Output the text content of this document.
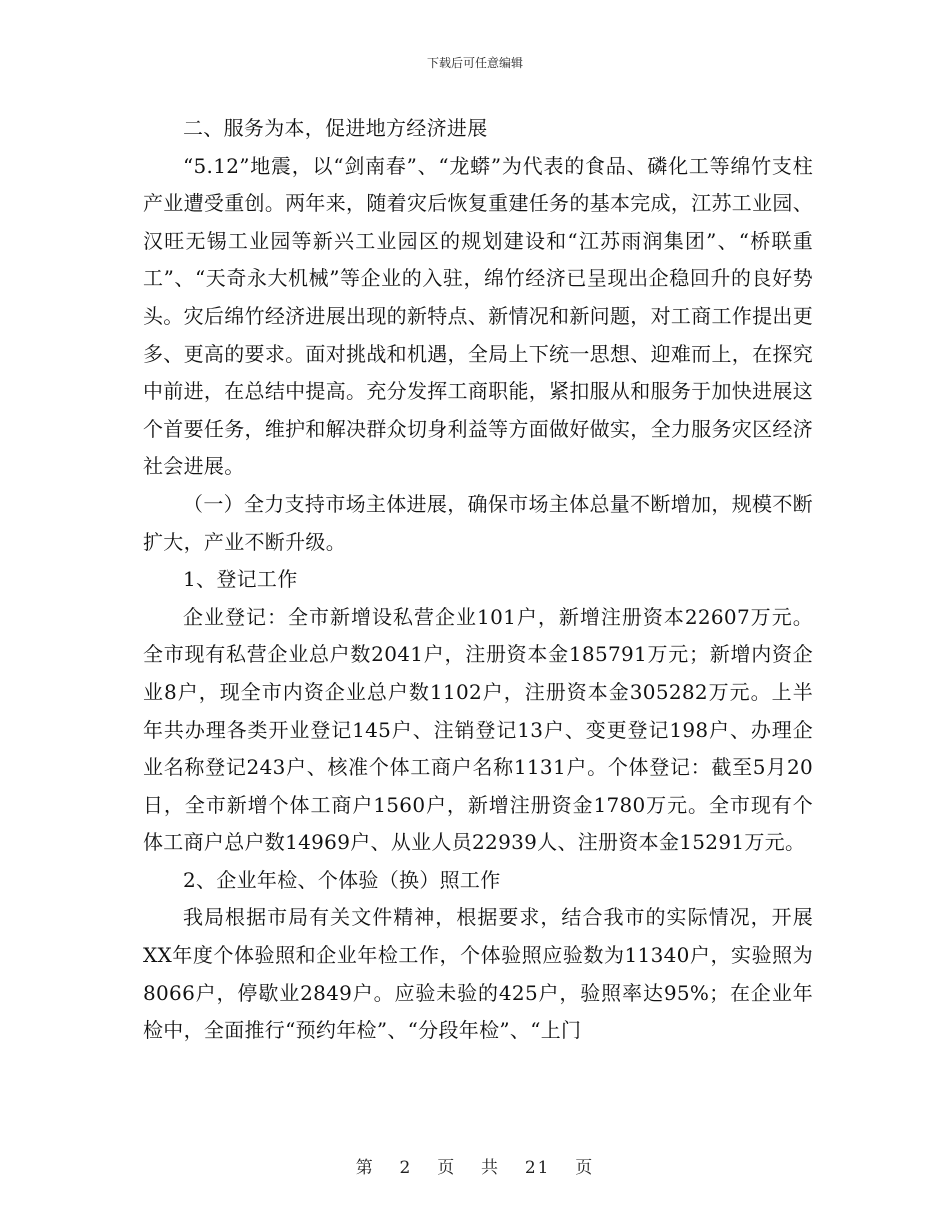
下载后可任意编辑

二、服务为本，促进地方经济进展

“5.12”地震，以“剑南春”、“龙蟒”为代表的食品、磷化工等绵竹支柱产业遭受重创。两年来，随着灾后恢复重建任务的基本完成，江苏工业园、汉旺无锡工业园等新兴工业园区的规划建设和“江苏雨润集团”、“桥联重工”、“天奇永大机械”等企业的入驻，绵竹经济已呈现出企稳回升的良好势头。灾后绵竹经济进展出现的新特点、新情况和新问题，对工商工作提出更多、更高的要求。面对挑战和机遇，全局上下统一思想、迎难而上，在探究中前进，在总结中提高。充分发挥工商职能，紧扣服从和服务于加快进展这个首要任务，维护和解决群众切身利益等方面做好做实，全力服务灾区经济社会进展。

（一）全力支持市场主体进展，确保市场主体总量不断增加，规模不断扩大，产业不断升级。

1、登记工作

企业登记：全市新增设私营企业101户，新增注册资本22607万元。全市现有私营企业总户数2041户，注册资本金185791万元；新增内资企业8户，现全市内资企业总户数1102户，注册资本金305282万元。上半年共办理各类开业登记145户、注销登记13户、变更登记198户、办理企业名称登记243户、核准个体工商户名称1131户。个体登记：截至5月20日，全市新增个体工商户1560户，新增注册资金1780万元。全市现有个体工商户总户数14969户、从业人员22939人、注册资本金15291万元。

2、企业年检、个体验（换）照工作

我局根据市局有关文件精神，根据要求，结合我市的实际情况，开展XX年度个体验照和企业年检工作，个体验照应验数为11340户，实验照为8066户，停歇业2849户。应验未验的425户，验照率达95%；在企业年检中，全面推行“预约年检”、“分段年检”、“上门

第 2 页 共 21 页
